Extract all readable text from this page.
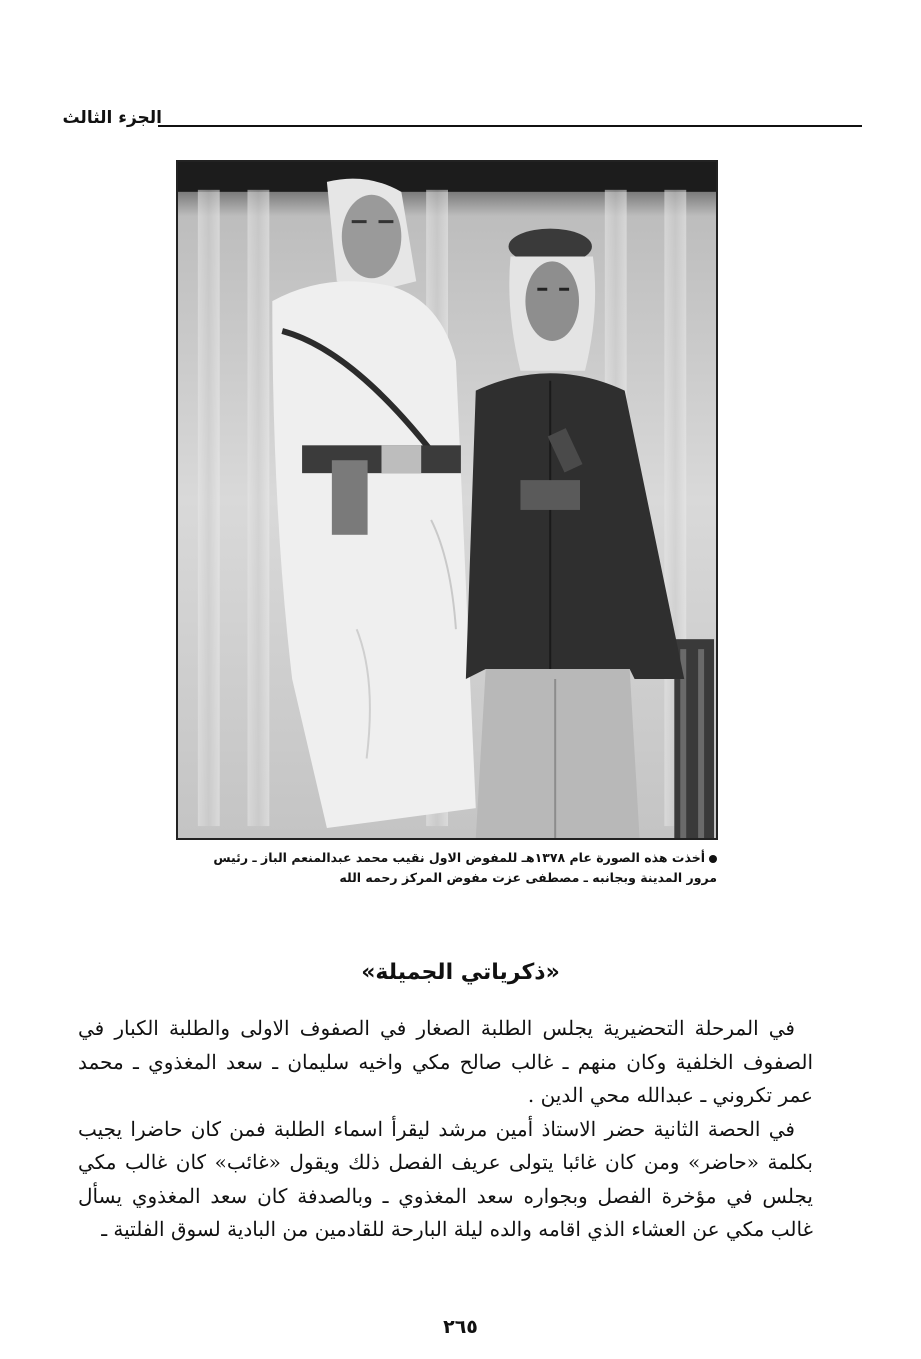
الجزء الثالث
أخذت هذه الصورة عام ١٣٧٨هـ للمفوض الاول نقيب محمد عبدالمنعم الباز ـ رئيس
مرور المدينة وبجانبه ـ مصطفى عزت مفوض المركز رحمه الله
«ذكرياتي الجميلة»

في المرحلة التحضيرية يجلس الطلبة الصغار في الصفوف الاولى والطلبة الكبار في الصفوف الخلفية وكان منهم ـ غالب صالح مكي واخيه سليمان ـ سعد المغذوي ـ محمد عمر تكروني ـ عبدالله محي الدين .

في الحصة الثانية حضر الاستاذ أمين مرشد ليقرأ اسماء الطلبة فمن كان حاضرا يجيب بكلمة «حاضر» ومن كان غائبا يتولى عريف الفصل ذلك ويقول «غائب» كان غالب مكي يجلس في مؤخرة الفصل وبجواره سعد المغذوي ـ وبالصدفة كان سعد المغذوي يسأل غالب مكي عن العشاء الذي اقامه والده ليلة البارحة للقادمين من البادية لسوق الفلتية ـ

٢٦٥
